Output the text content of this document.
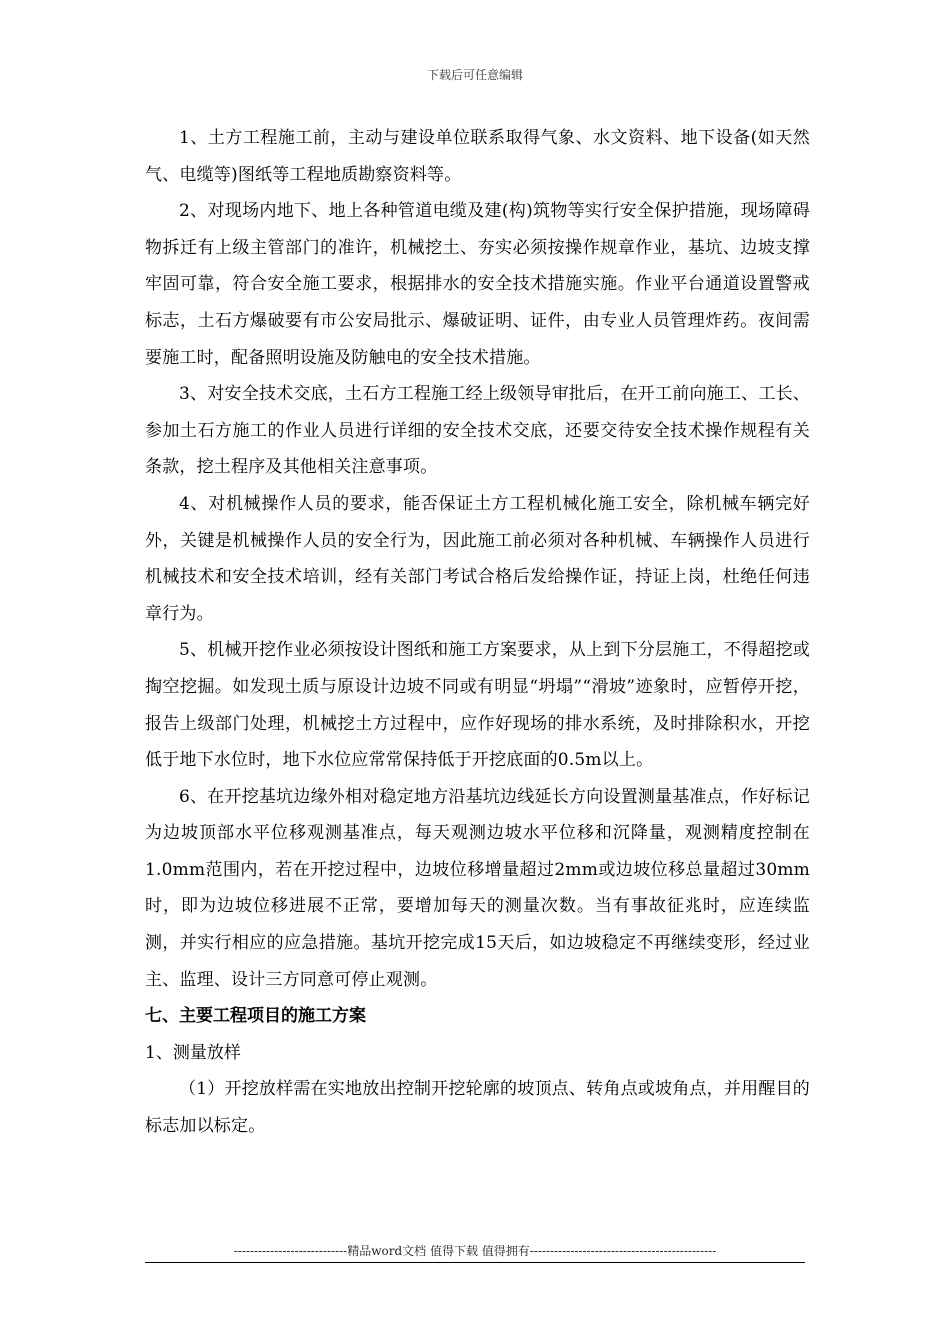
下载后可任意编辑

1、土方工程施工前，主动与建设单位联系取得气象、水文资料、地下设备(如天然气、电缆等)图纸等工程地质勘察资料等。

2、对现场内地下、地上各种管道电缆及建(构)筑物等实行安全保护措施，现场障碍物拆迁有上级主管部门的准许，机械挖土、夯实必须按操作规章作业，基坑、边坡支撑牢固可靠，符合安全施工要求，根据排水的安全技术措施实施。作业平台通道设置警戒标志，土石方爆破要有市公安局批示、爆破证明、证件，由专业人员管理炸药。夜间需要施工时，配备照明设施及防触电的安全技术措施。

3、对安全技术交底，土石方工程施工经上级领导审批后，在开工前向施工、工长、参加土石方施工的作业人员进行详细的安全技术交底，还要交待安全技术操作规程有关条款，挖土程序及其他相关注意事项。

4、对机械操作人员的要求，能否保证土方工程机械化施工安全，除机械车辆完好外，关键是机械操作人员的安全行为，因此施工前必须对各种机械、车辆操作人员进行机械技术和安全技术培训，经有关部门考试合格后发给操作证，持证上岗，杜绝任何违章行为。

5、机械开挖作业必须按设计图纸和施工方案要求，从上到下分层施工，不得超挖或掏空挖掘。如发现土质与原设计边坡不同或有明显“坍塌”“滑坡”迹象时，应暂停开挖，报告上级部门处理，机械挖土方过程中，应作好现场的排水系统，及时排除积水，开挖低于地下水位时，地下水位应常常保持低于开挖底面的0.5m以上。

6、在开挖基坑边缘外相对稳定地方沿基坑边线延长方向设置测量基准点，作好标记为边坡顶部水平位移观测基准点，每天观测边坡水平位移和沉降量，观测精度控制在1.0mm范围内，若在开挖过程中，边坡位移增量超过2mm或边坡位移总量超过30mm时，即为边坡位移进展不正常，要增加每天的测量次数。当有事故征兆时，应连续监测，并实行相应的应急措施。基坑开挖完成15天后，如边坡稳定不再继续变形，经过业主、监理、设计三方同意可停止观测。

七、主要工程项目的施工方案

1、测量放样

（1）开挖放样需在实地放出控制开挖轮廓的坡顶点、转角点或坡角点，并用醒目的标志加以标定。

----------------------------精品word文档 值得下载 值得拥有----------------------------------------------
